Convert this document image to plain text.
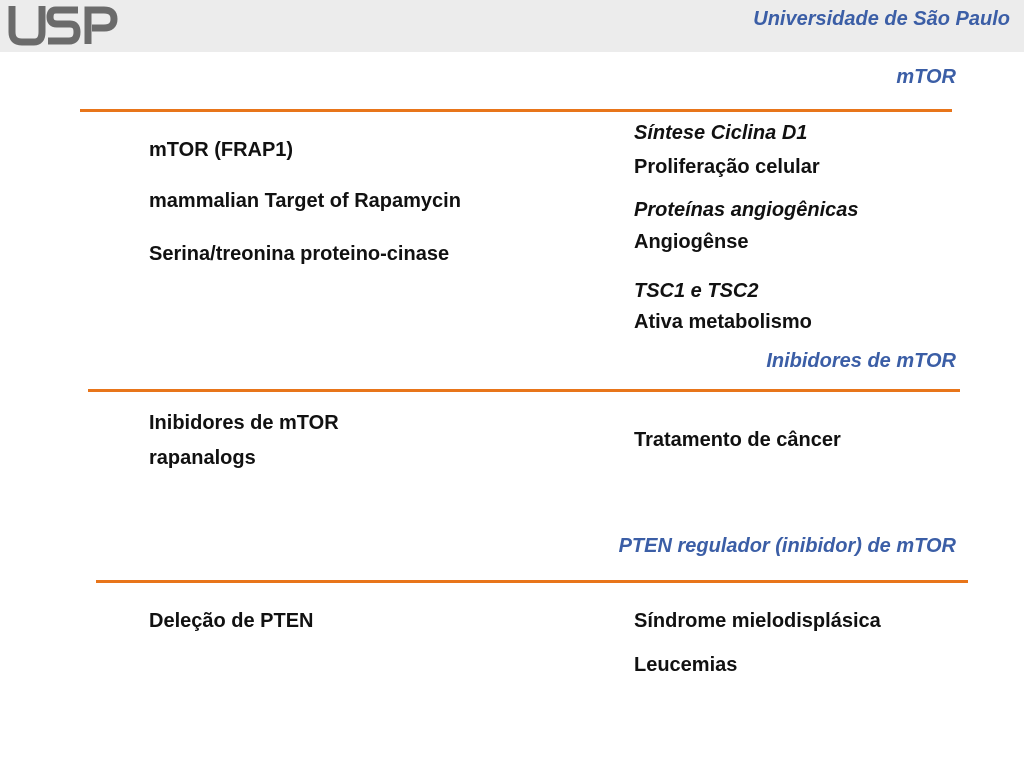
Universidade de São Paulo
mTOR
mTOR (FRAP1)
mammalian Target of Rapamycin
Serina/treonina proteino-cinase
Síntese Ciclina D1
Proliferação celular
Proteínas angiogênicas
Angiogênse
TSC1 e TSC2
Ativa metabolismo
Inibidores de mTOR
Inibidores de mTOR
rapanalogs
Tratamento de câncer
PTEN regulador (inibidor) de mTOR
Deleção de PTEN	Síndrome mielodisplásica
Leucemias
